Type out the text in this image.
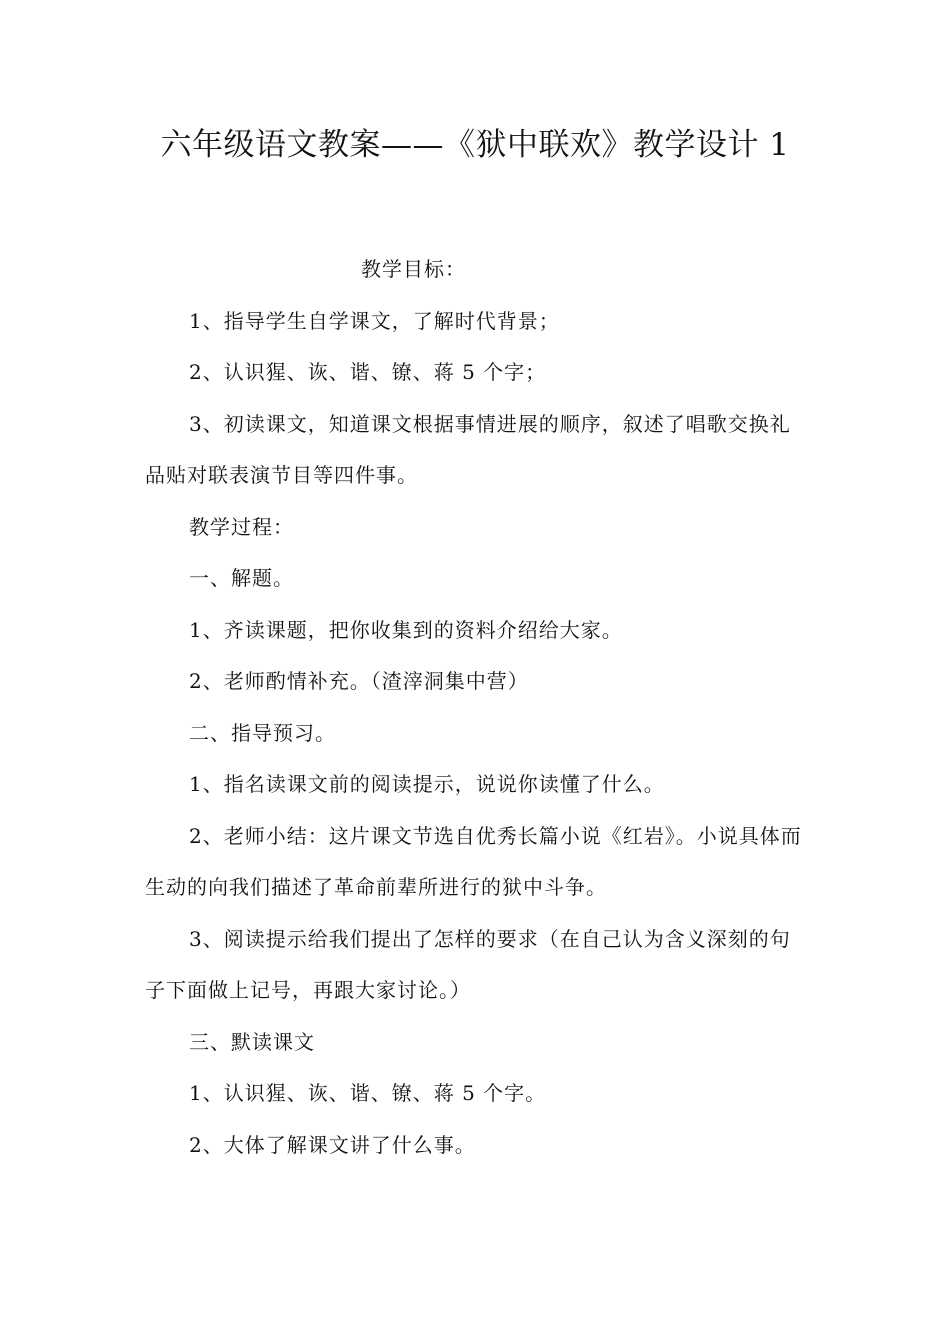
六年级语文教案——《狱中联欢》教学设计 1

教学目标：

1、指导学生自学课文，了解时代背景；

2、认识猩、诙、谐、镣、蒋 5 个字；

3、初读课文，知道课文根据事情进展的顺序，叙述了唱歌交换礼品贴对联表演节目等四件事。

教学过程：

一、解题。

1、齐读课题，把你收集到的资料介绍给大家。

2、老师酌情补充。（渣滓洞集中营）

二、指导预习。

1、指名读课文前的阅读提示，说说你读懂了什么。

2、老师小结：这片课文节选自优秀长篇小说《红岩》。小说具体而生动的向我们描述了革命前辈所进行的狱中斗争。

3、阅读提示给我们提出了怎样的要求（在自己认为含义深刻的句子下面做上记号，再跟大家讨论。）

三、默读课文

1、认识猩、诙、谐、镣、蒋 5 个字。

2、大体了解课文讲了什么事。
